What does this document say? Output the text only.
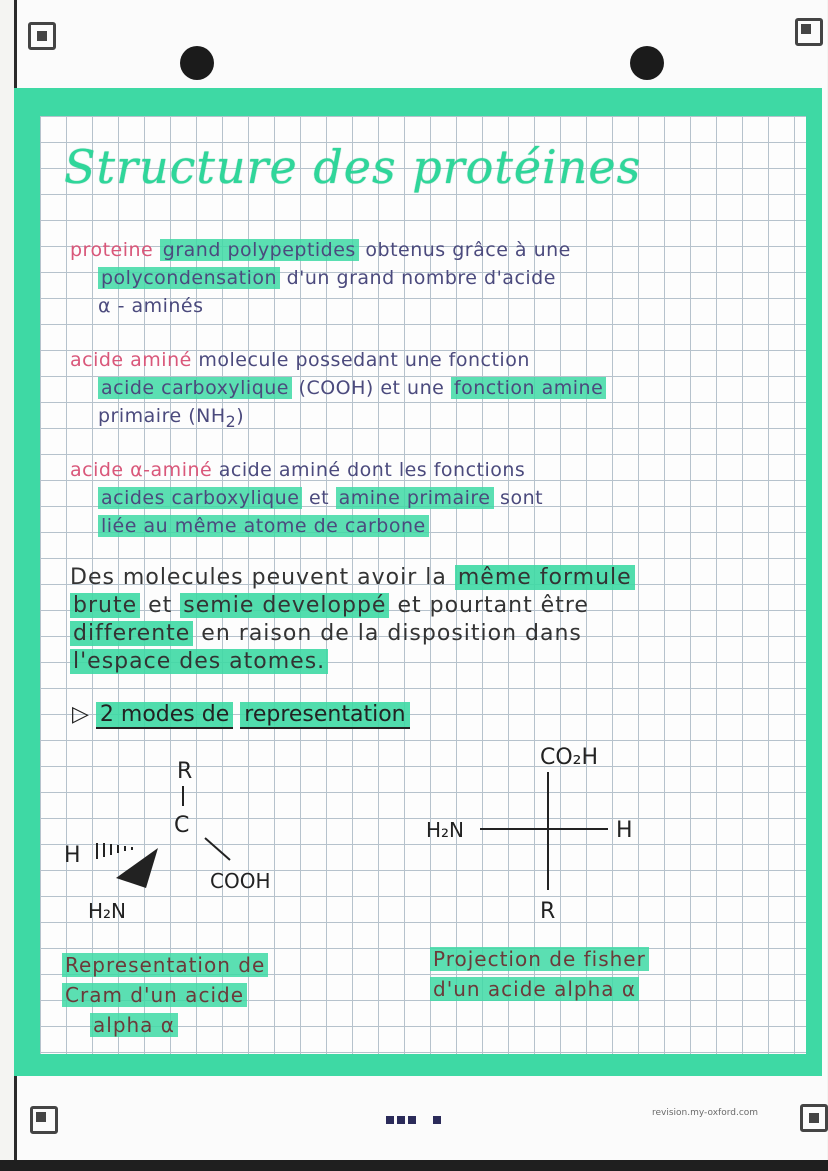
Structure des protéines
proteine grand polypeptides obtenus grâce à une
polycondensation d'un grand nombre d'acide
α - aminés
acide aminé molecule possedant une fonction
acide carboxylique (COOH) et une fonction amine
primaire $(NH_2)$
acide α-aminé acide aminé dont les fonctions
acides carboxylique et amine primaire sont
liée au même atome de carbone
Des molecules peuvent avoir la même formule
brute et semie developpé et pourtant être
differente en raison de la disposition dans
l'espace des atomes.
▷ 2 modes de representation
R
C
COOH
H
H₂N
CO₂H
H₂N	H
R
Representation de
Cram d'un acide
alpha α
Projection de fisher
d'un acide alpha α
revision.my-oxford.com
